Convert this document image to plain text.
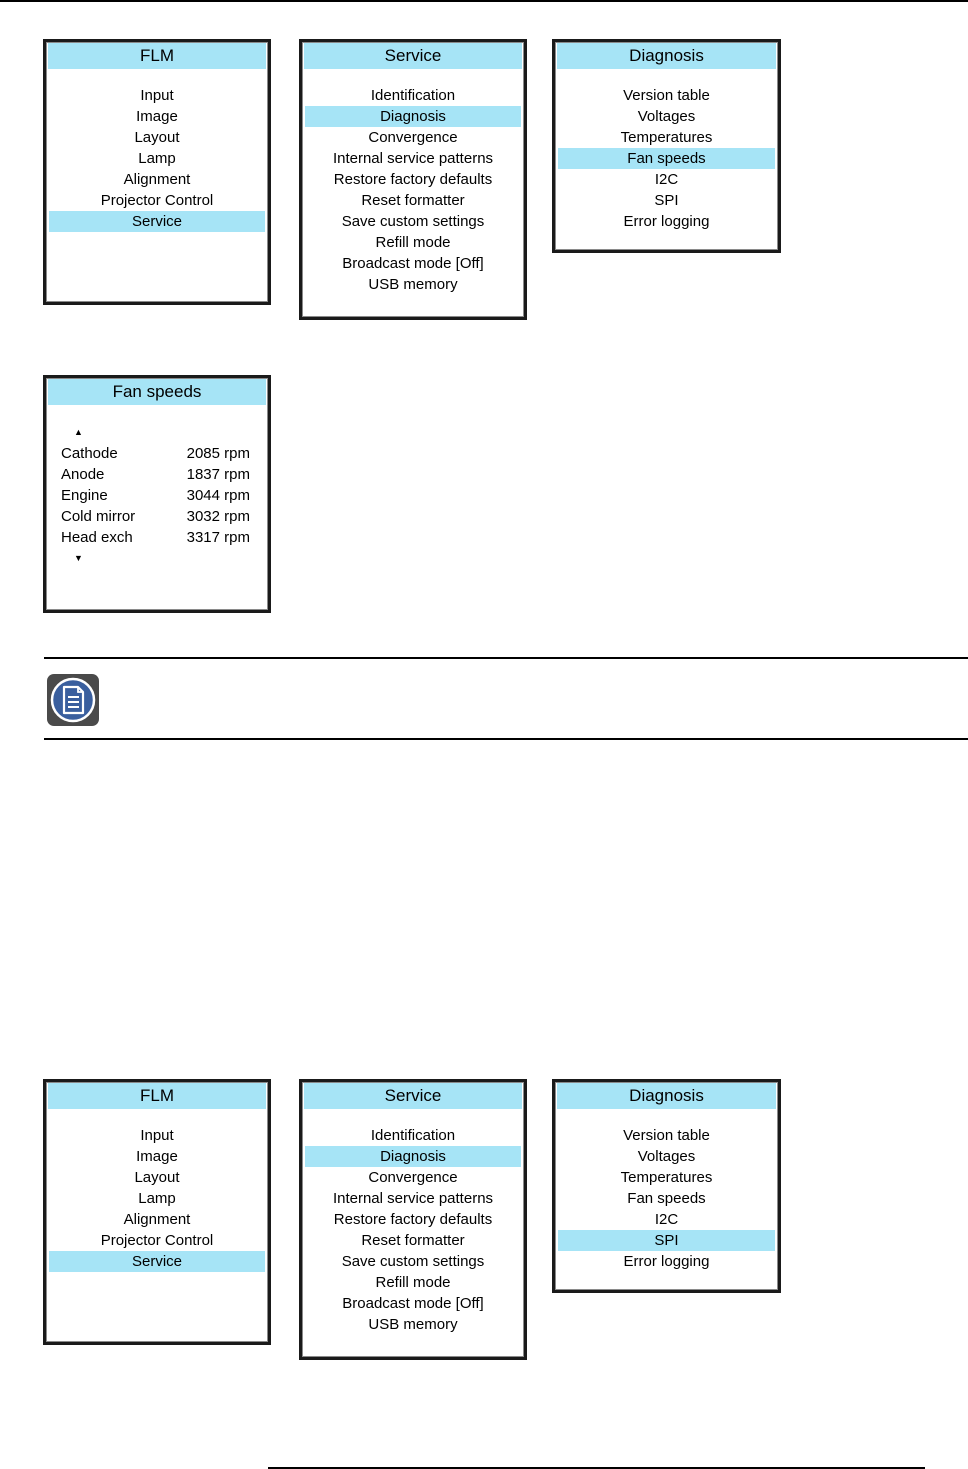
FLM
Input
Image
Layout
Lamp
Alignment
Projector Control
Service
Service
Identification
Diagnosis
Convergence
Internal service patterns
Restore factory defaults
Reset formatter
Save custom settings
Refill mode
Broadcast mode [Off]
USB memory
Diagnosis
Version table
Voltages
Temperatures
Fan speeds
I2C
SPI
Error logging
Fan speeds
▲
Cathode	2085 rpm
Anode	1837 rpm
Engine	3044 rpm
Cold mirror	3032 rpm
Head exch	3317 rpm
▼
FLM
Input
Image
Layout
Lamp
Alignment
Projector Control
Service
Service
Identification
Diagnosis
Convergence
Internal service patterns
Restore factory defaults
Reset formatter
Save custom settings
Refill mode
Broadcast mode [Off]
USB memory
Diagnosis
Version table
Voltages
Temperatures
Fan speeds
I2C
SPI
Error logging
